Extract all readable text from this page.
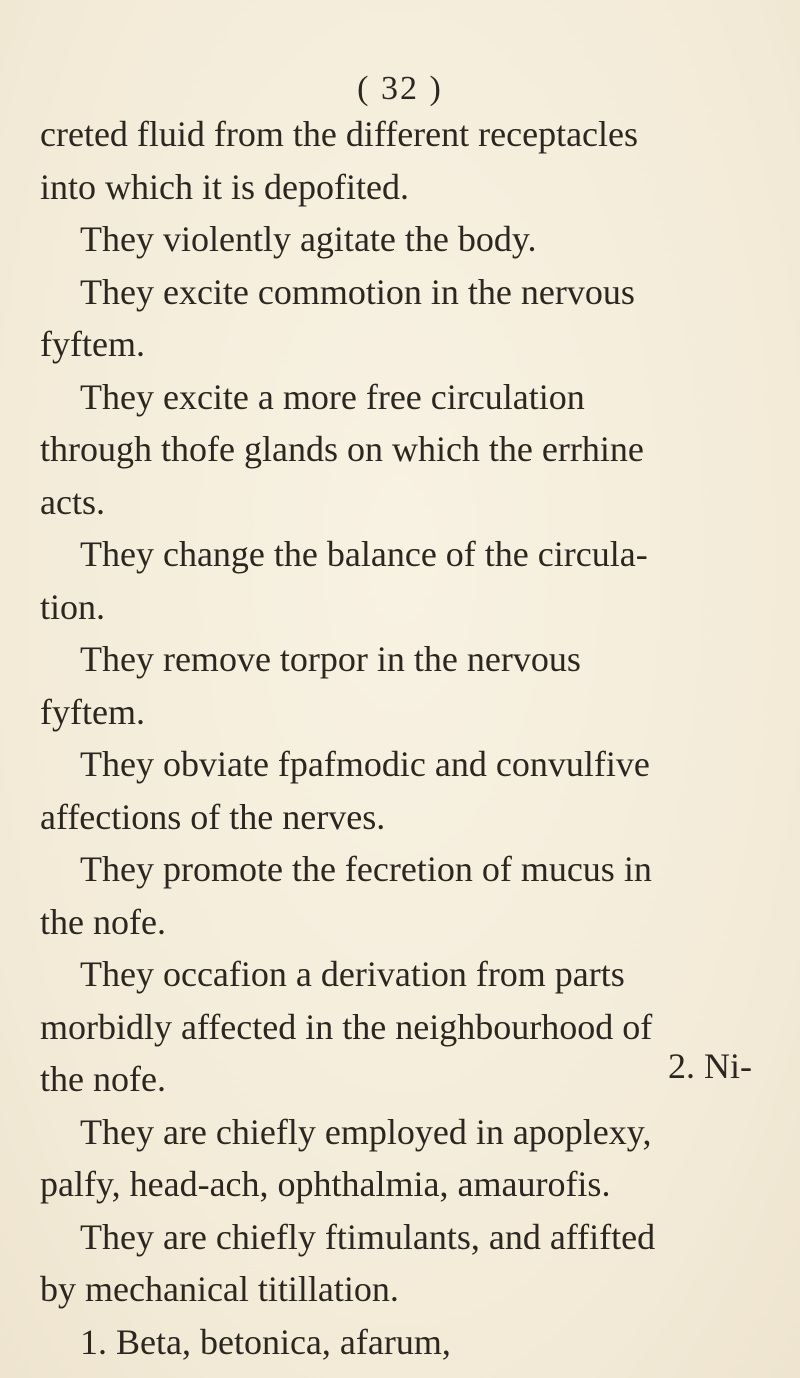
( 32 )
creted fluid from the different receptacles
into which it is depofited.
They violently agitate the body.
They excite commotion in the nervous
fyftem.
They excite a more free circulation
through thofe glands on which the errhine
acts.
They change the balance of the circula-
tion.
They remove torpor in the nervous
fyftem.
They obviate fpafmodic and convulfive
affections of the nerves.
They promote the fecretion of mucus in
the nofe.
They occafion a derivation from parts
morbidly affected in the neighbourhood of
the nofe.
They are chiefly employed in apoplexy,
palfy, head-ach, ophthalmia, amaurofis.
They are chiefly ftimulants, and affifted
by mechanical titillation.
1. Beta, betonica, afarum,
2. Ni-
